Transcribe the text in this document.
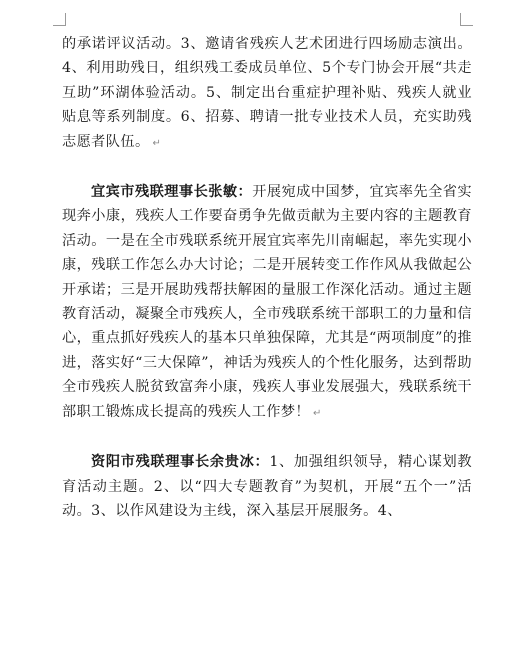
的承诺评议活动。3、邀请省残疾人艺术团进行四场励志演出。4、利用助残日，组织残工委成员单位、5个专门协会开展“共走互助”环湖体验活动。5、制定出台重症护理补贴、残疾人就业贴息等系列制度。6、招募、聘请一批专业技术人员，充实助残志愿者队伍。 ↵

宜宾市残联理事长张敏：开展宛成中国梦，宜宾率先全省实现奔小康，残疾人工作要奋勇争先做贡献为主要内容的主题教育活动。一是在全市残联系统开展宜宾率先川南崛起，率先实现小康，残联工作怎么办大讨论；二是开展转变工作作风从我做起公开承诺；三是开展助残帮扶解困的量服工作深化活动。通过主题教育活动，凝聚全市残疾人，全市残联系统干部职工的力量和信心，重点抓好残疾人的基本只单独保障，尤其是“两项制度”的推进，落实好“三大保障”，神话为残疾人的个性化服务，达到帮助全市残疾人脱贫致富奔小康，残疾人事业发展强大，残联系统干部职工锻炼成长提高的残疾人工作梦！ ↵

资阳市残联理事长余贵冰：1、加强组织领导，精心谋划教育活动主题。2、以“四大专题教育”为契机，开展“五个一”活动。3、以作风建设为主线，深入基层开展服务。4、
